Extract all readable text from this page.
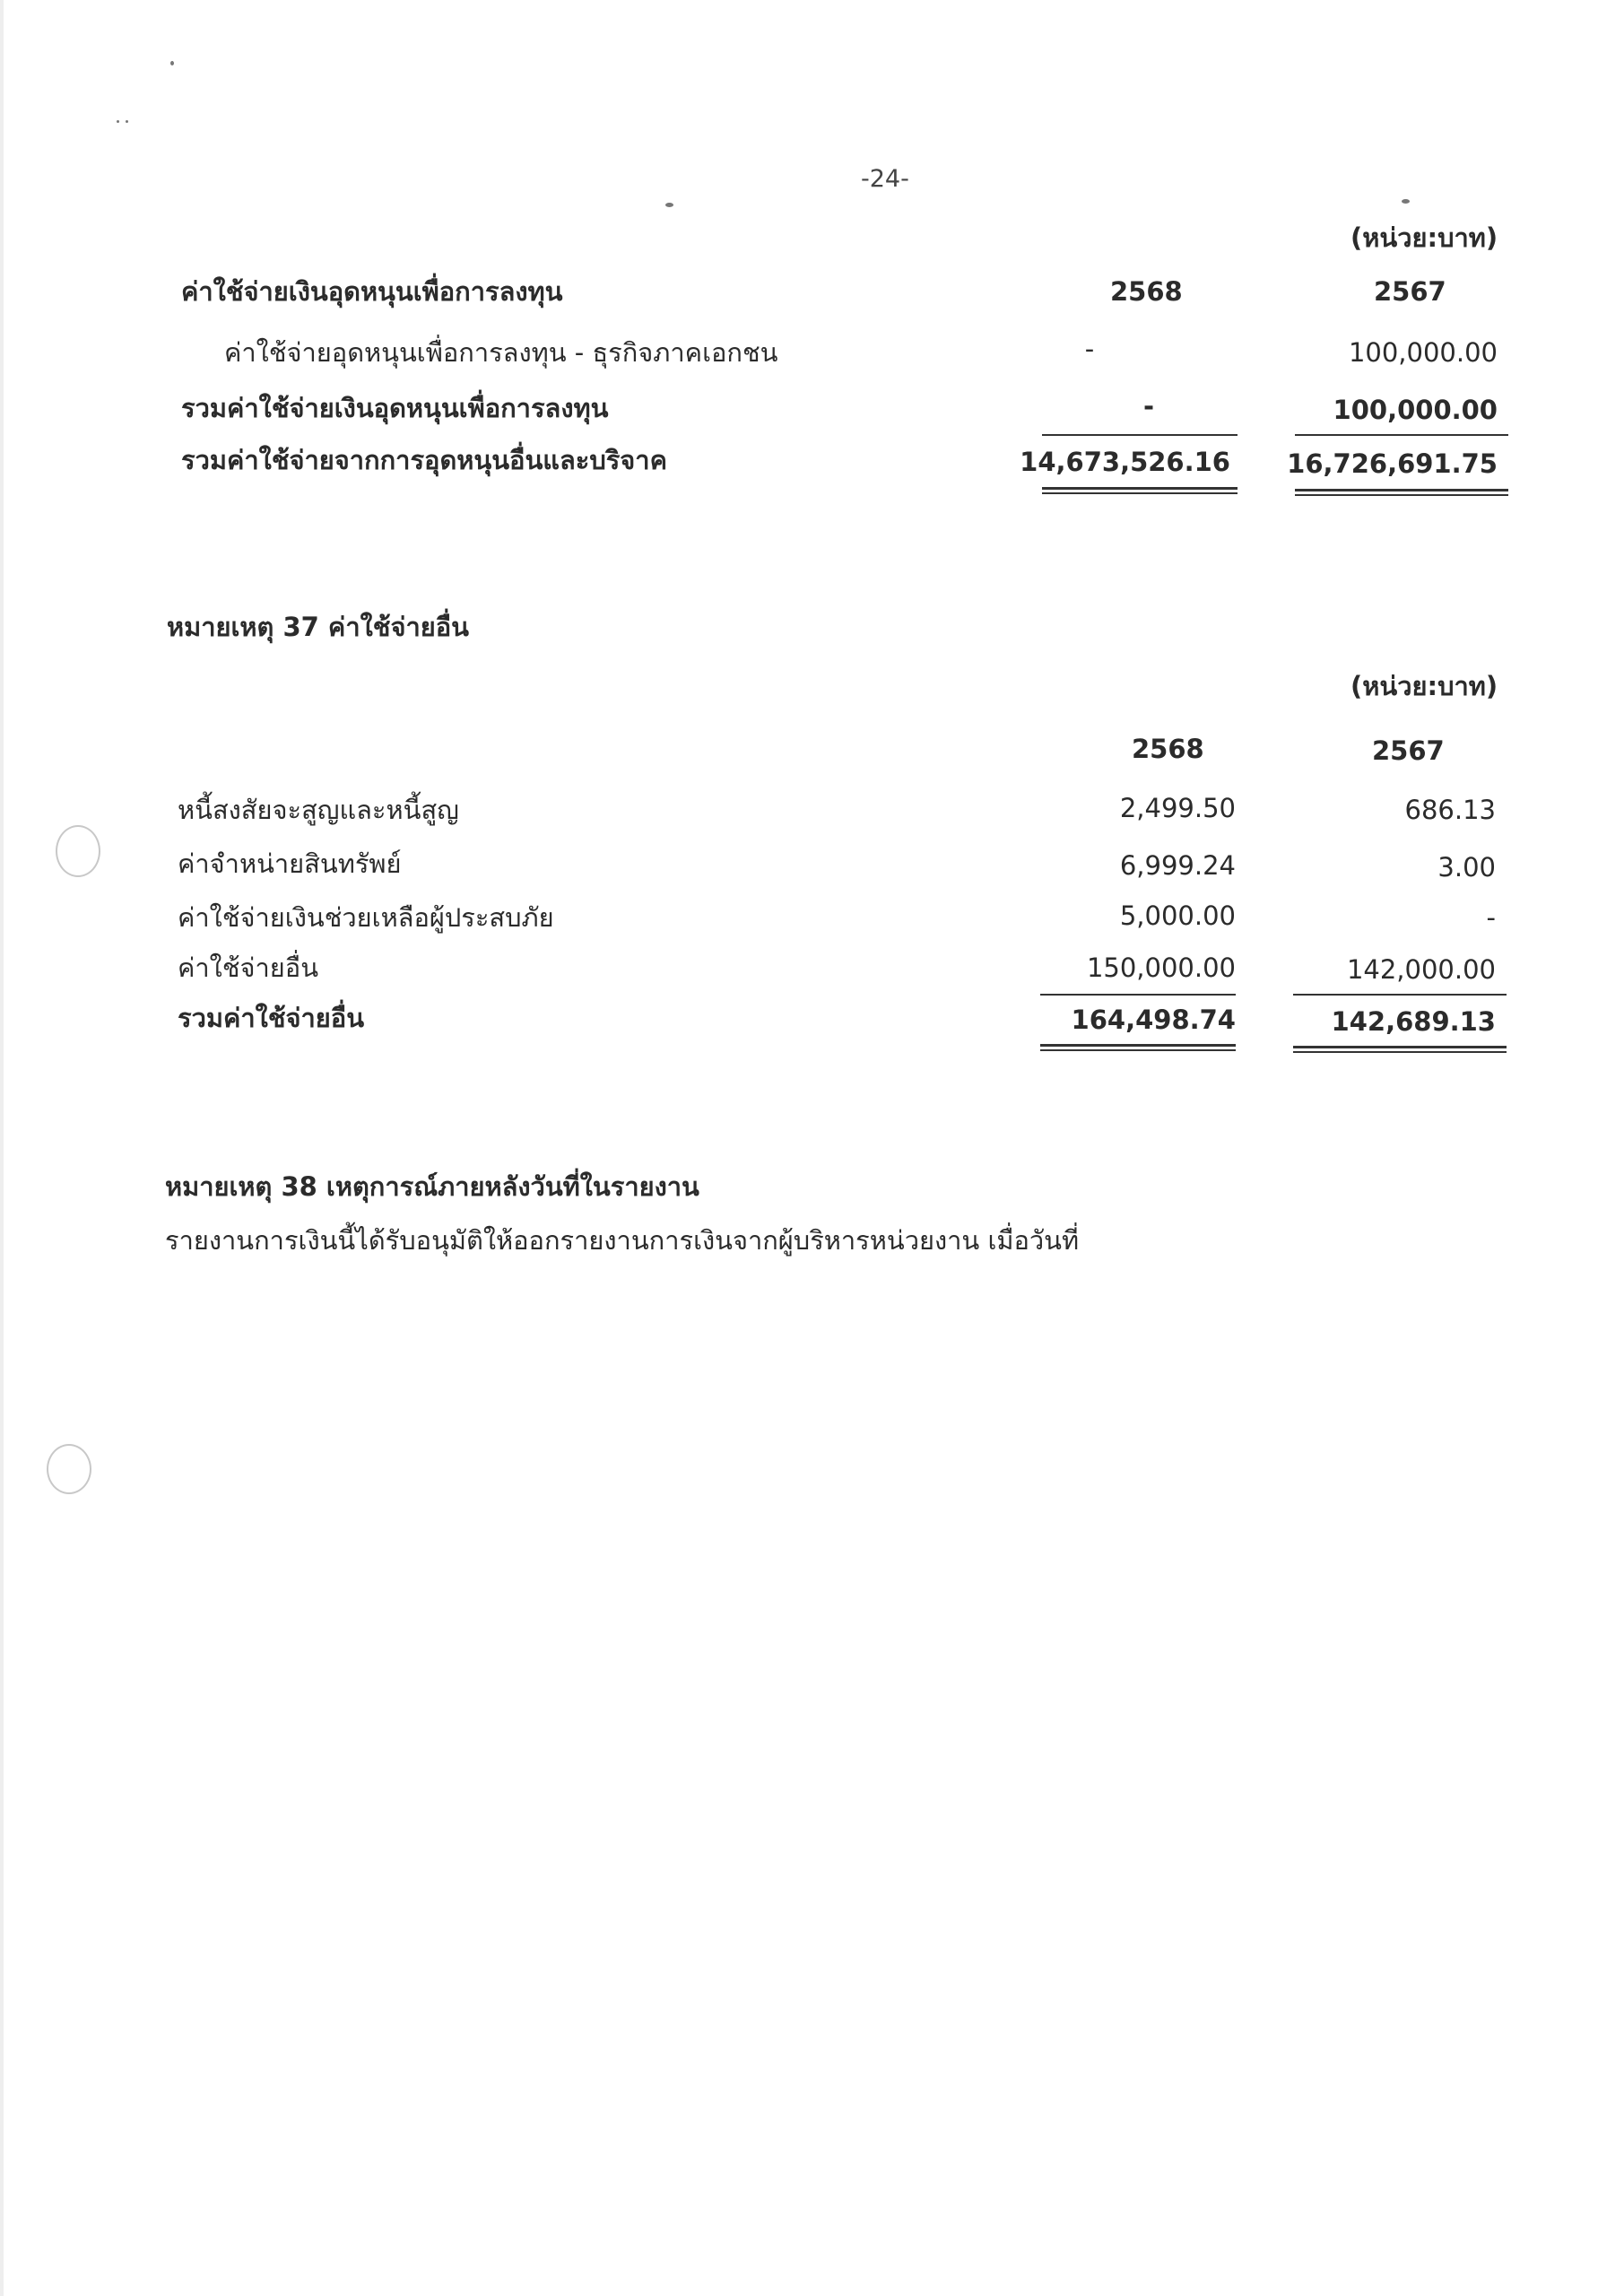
-24-
(หน่วย:บาท)
ค่าใช้จ่ายเงินอุดหนุนเพื่อการลงทุน	2568	2567
ค่าใช้จ่ายอุดหนุนเพื่อการลงทุน - ธุรกิจภาคเอกชน	-	100,000.00
รวมค่าใช้จ่ายเงินอุดหนุนเพื่อการลงทุน	-	100,000.00
รวมค่าใช้จ่ายจากการอุดหนุนอื่นและบริจาค	14,673,526.16	16,726,691.75
หมายเหตุ 37 ค่าใช้จ่ายอื่น
(หน่วย:บาท)
2568	2567
หนี้สงสัยจะสูญและหนี้สูญ	2,499.50	686.13
ค่าจำหน่ายสินทรัพย์	6,999.24	3.00
ค่าใช้จ่ายเงินช่วยเหลือผู้ประสบภัย	5,000.00	-
ค่าใช้จ่ายอื่น	150,000.00	142,000.00
รวมค่าใช้จ่ายอื่น	164,498.74	142,689.13
หมายเหตุ 38 เหตุการณ์ภายหลังวันที่ในรายงาน
รายงานการเงินนี้ได้รับอนุมัติให้ออกรายงานการเงินจากผู้บริหารหน่วยงาน เมื่อวันที่
